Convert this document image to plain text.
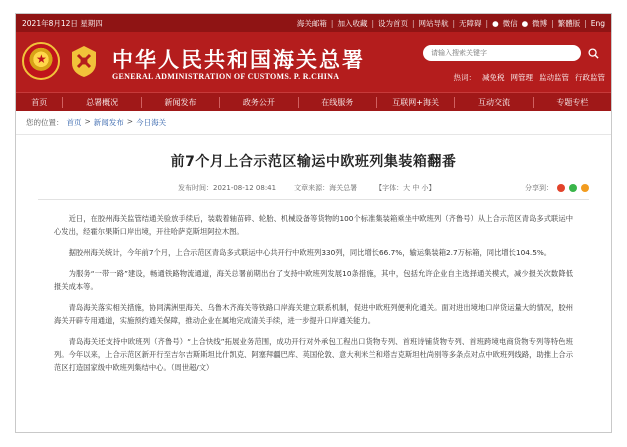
2021年8月12日 星期四	海关邮箱 | 加入收藏 | 设为首页 | 网站导航 | 无障碍 | ● 微信 ● 微博 | 繁體版 | Eng
★	中华人民共和国海关总署
GENERAL ADMINISTRATION OF CUSTOMS. P. R.CHINA
请输入搜索关键字	热词： 减免税 网管理 监动监管 行政监管
首页	总署概况	新闻发布	政务公开	在线服务	互联网+海关	互动交流	专题专栏
您的位置： 首页 > 新闻发布 > 今日海关
前7个月上合示范区输运中欧班列集装箱翻番
发布时间：2021-08-12 08:41	文章来源：海关总署	【字体：大 中 小】	分享到：

近日，在胶州海关监管结通关验放手续后，装载着轴苗碎、轮胎、机械设备等货物的100个标准集装箱乘坐中欧班列（齐鲁号）从上合示范区青岛多式联运中心发出，经霍尔果斯口岸出境，开往哈萨克斯坦阿拉木图。

据胶州海关统计，今年前7个月，上合示范区青岛多式联运中心共开行中欧班列330列，同比增长66.7%，输运集装箱2.7万标箱，同比增长104.5%。

为服务“一带一路”建设，畅通铁路物流通道，海关总署前期出台了支持中欧班列发展10条措施，其中，包括允许企业自主选择通关模式，减少报关次数降低报关成本等。

青岛海关落实相关措施，协同满洲里海关、乌鲁木齐海关等铁路口岸海关建立联系机制，促进中欧班列便利化通关。面对进出境地口岸货运量大的情况，胶州海关开辟专用通道，实施预约通关保障，推动企业在属地完成清关手续，进一步提升口岸通关能力。

青岛海关还支持中欧班列（齐鲁号）“上合快线”拓展业务范围，成功开行对外承包工程出口货物专列、首班诗铺货物专列、首班跨境电商货物专列等特色班列。今年以来，上合示范区新开行至吉尔吉斯斯坦比什凯克、阿塞拜疆巴库、英国伦敦、意大利米兰和塔吉克斯坦杜尚别等多条点对点中欧班列线路，助推上合示范区打造国家级中欧班列集结中心。（周世超/文）
